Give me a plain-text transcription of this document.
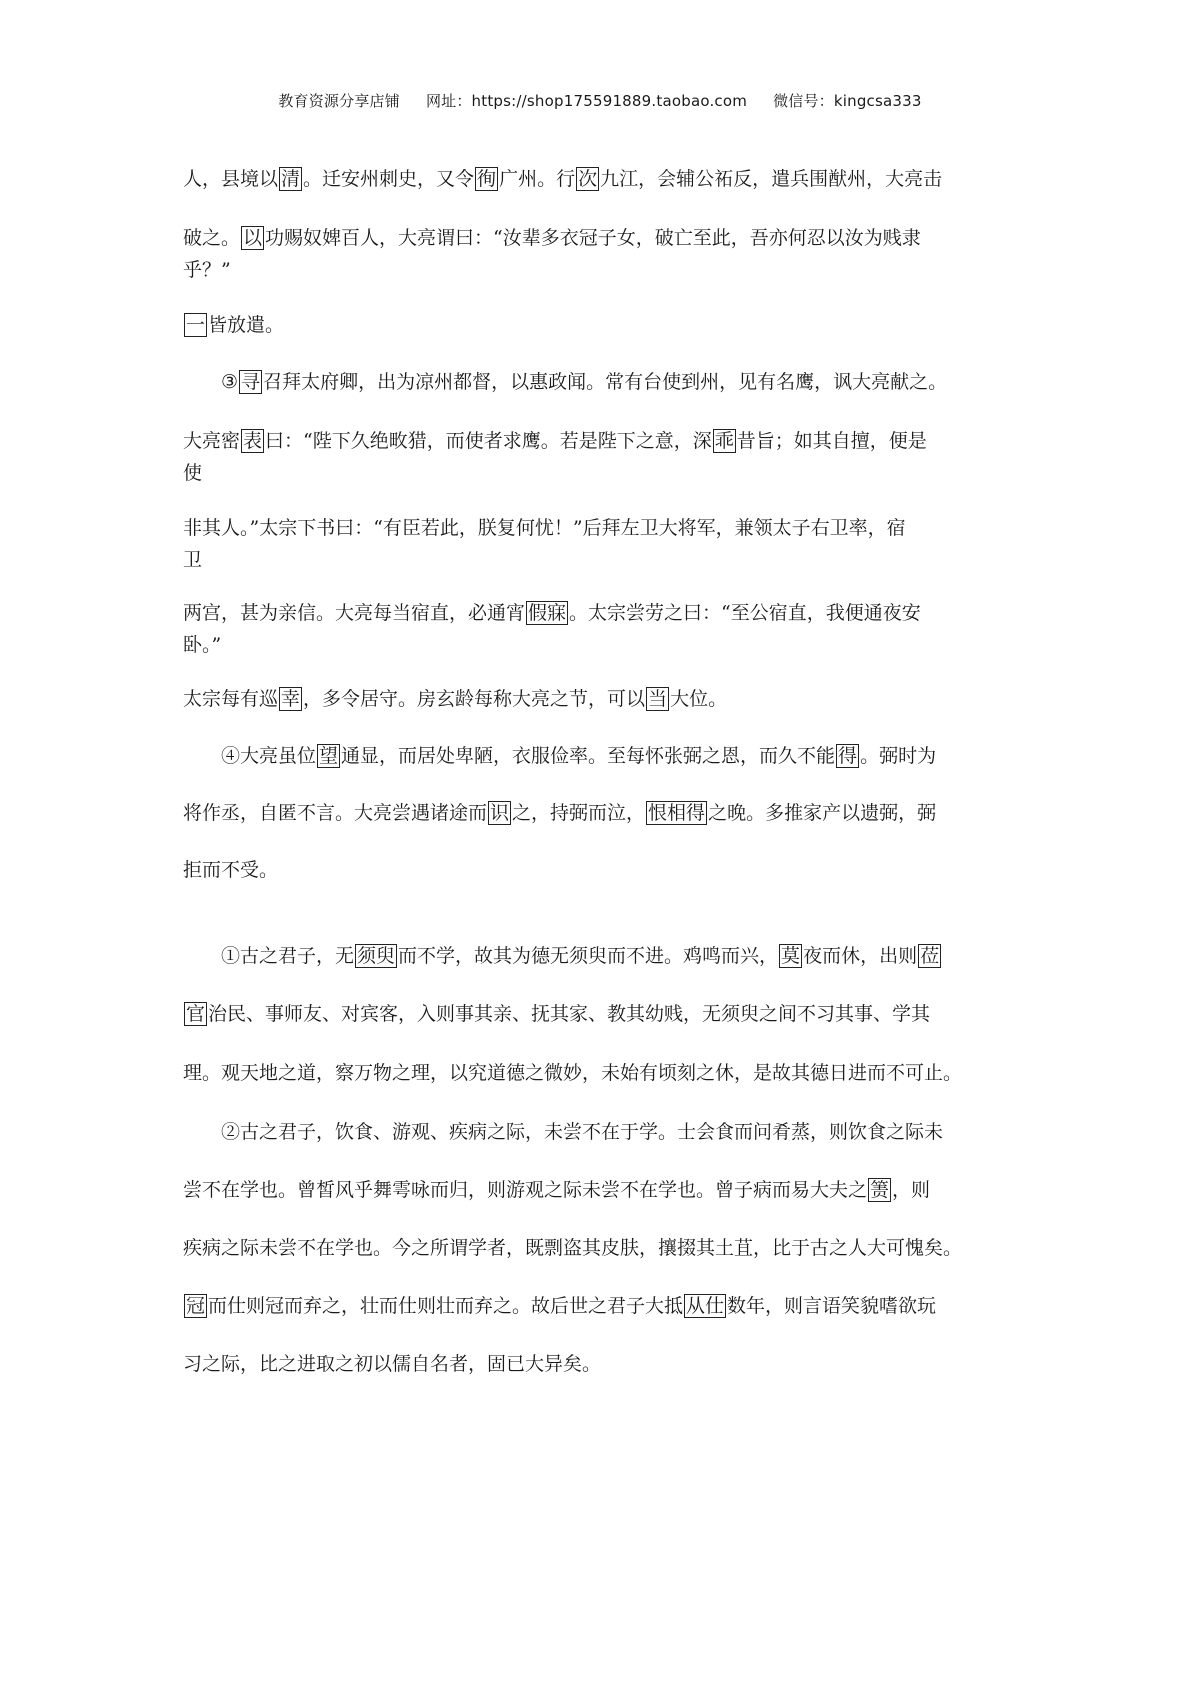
教育资源分享店铺 网址：https://shop175591889.taobao.com 微信号：kingcsa333
人，县境以 清 。迁安州刺史，又令 徇 广州。行 次 九江，会辅公祏反，遣兵围猷州，大亮击
破之。 以 功赐奴婢百人，大亮谓曰：“汝辈多衣冠子女，破亡至此，吾亦何忍以汝为贱隶
乎？”
一 皆放遣。
③ 寻 召拜太府卿，出为凉州都督，以惠政闻。常有台使到州，见有名鹰，讽大亮献之。
大亮密 表 曰：“陛下久绝畋猎，而使者求鹰。若是陛下之意，深 乖 昔旨；如其自擅，便是
使
非其人。”太宗下书曰：“有臣若此，朕复何忧！”后拜左卫大将军，兼领太子右卫率，宿
卫
两宫，甚为亲信。大亮每当宿直，必通宵 假寐 。太宗尝劳之曰：“至公宿直，我便通夜安
卧。”
太宗每有巡 幸 ，多令居守。房玄龄每称大亮之节，可以 当 大位。
④大亮虽位 望 通显，而居处卑陋，衣服俭率。至每怀张弼之恩，而久不能 得 。弼时为
将作丞，自匿不言。大亮尝遇诸途而 识 之，持弼而泣， 恨相得 之晚。多推家产以遗弼，弼
拒而不受。
①古之君子，无 须臾 而不学，故其为德无须臾而不进。鸡鸣而兴， 莫 夜而休，出则 莅
官 治民、事师友、对宾客，入则事其亲、抚其家、教其幼贱，无须臾之间不习其事、学其
理。观天地之道，察万物之理，以究道德之微妙，未始有顷刻之休，是故其德日进而不可止。
②古之君子，饮食、游观、疾病之际，未尝不在于学。士会食而问肴蒸，则饮食之际未
尝不在学也。曾皙风乎舞雩咏而归，则游观之际未尝不在学也。曾子病而易大夫之 箦 ，则
疾病之际未尝不在学也。今之所谓学者，既剽盗其皮肤，攘掇其土苴，比于古之人大可愧矣。
冠 而仕则冠而弃之，壮而仕则壮而弃之。故后世之君子大抵 从仕 数年，则言语笑貌嗜欲玩
习之际，比之进取之初以儒自名者，固已大异矣。
